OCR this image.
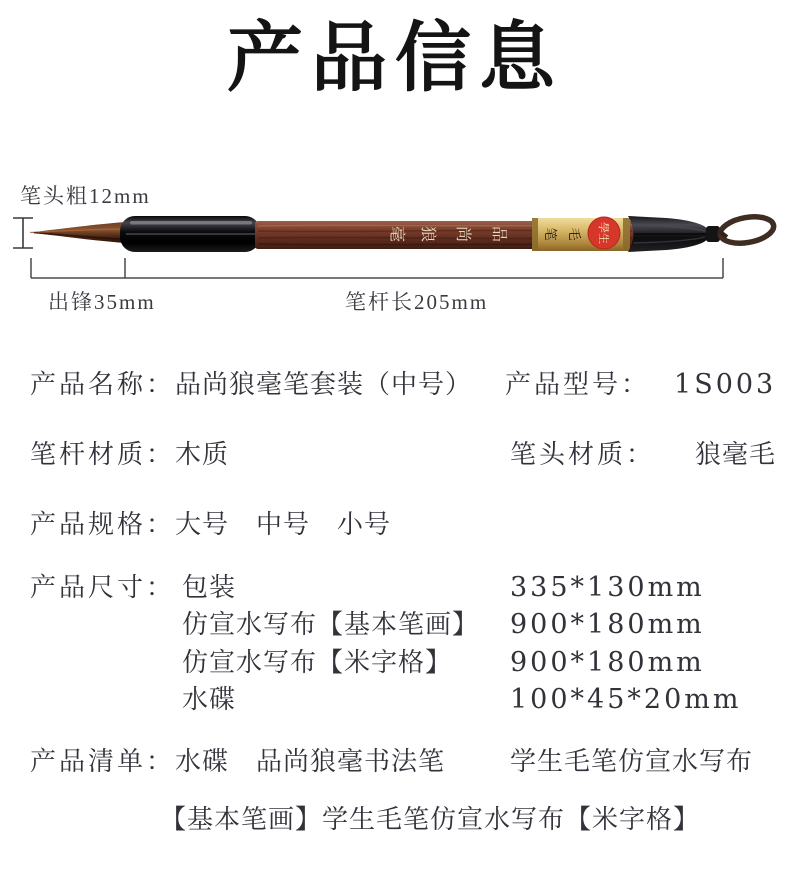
产品信息
笔头粗12mm
品
尚
狼
毫	毛
笔	學生
出锋35mm	笔杆长205mm
产品名称：品尚狼毫笔套装（中号） 产品型号： 1S003
笔杆材质：木质	笔头材质： 狼毫毛
产品规格：大号　中号　小号
产品尺寸： 包装	335*130mm
仿宣水写布【基本笔画】 900*180mm
仿宣水写布【米字格】 900*180mm
水碟	100*45*20mm
产品清单：水碟　品尚狼毫书法笔 学生毛笔仿宣水写布
【基本笔画】学生毛笔仿宣水写布【米字格】
